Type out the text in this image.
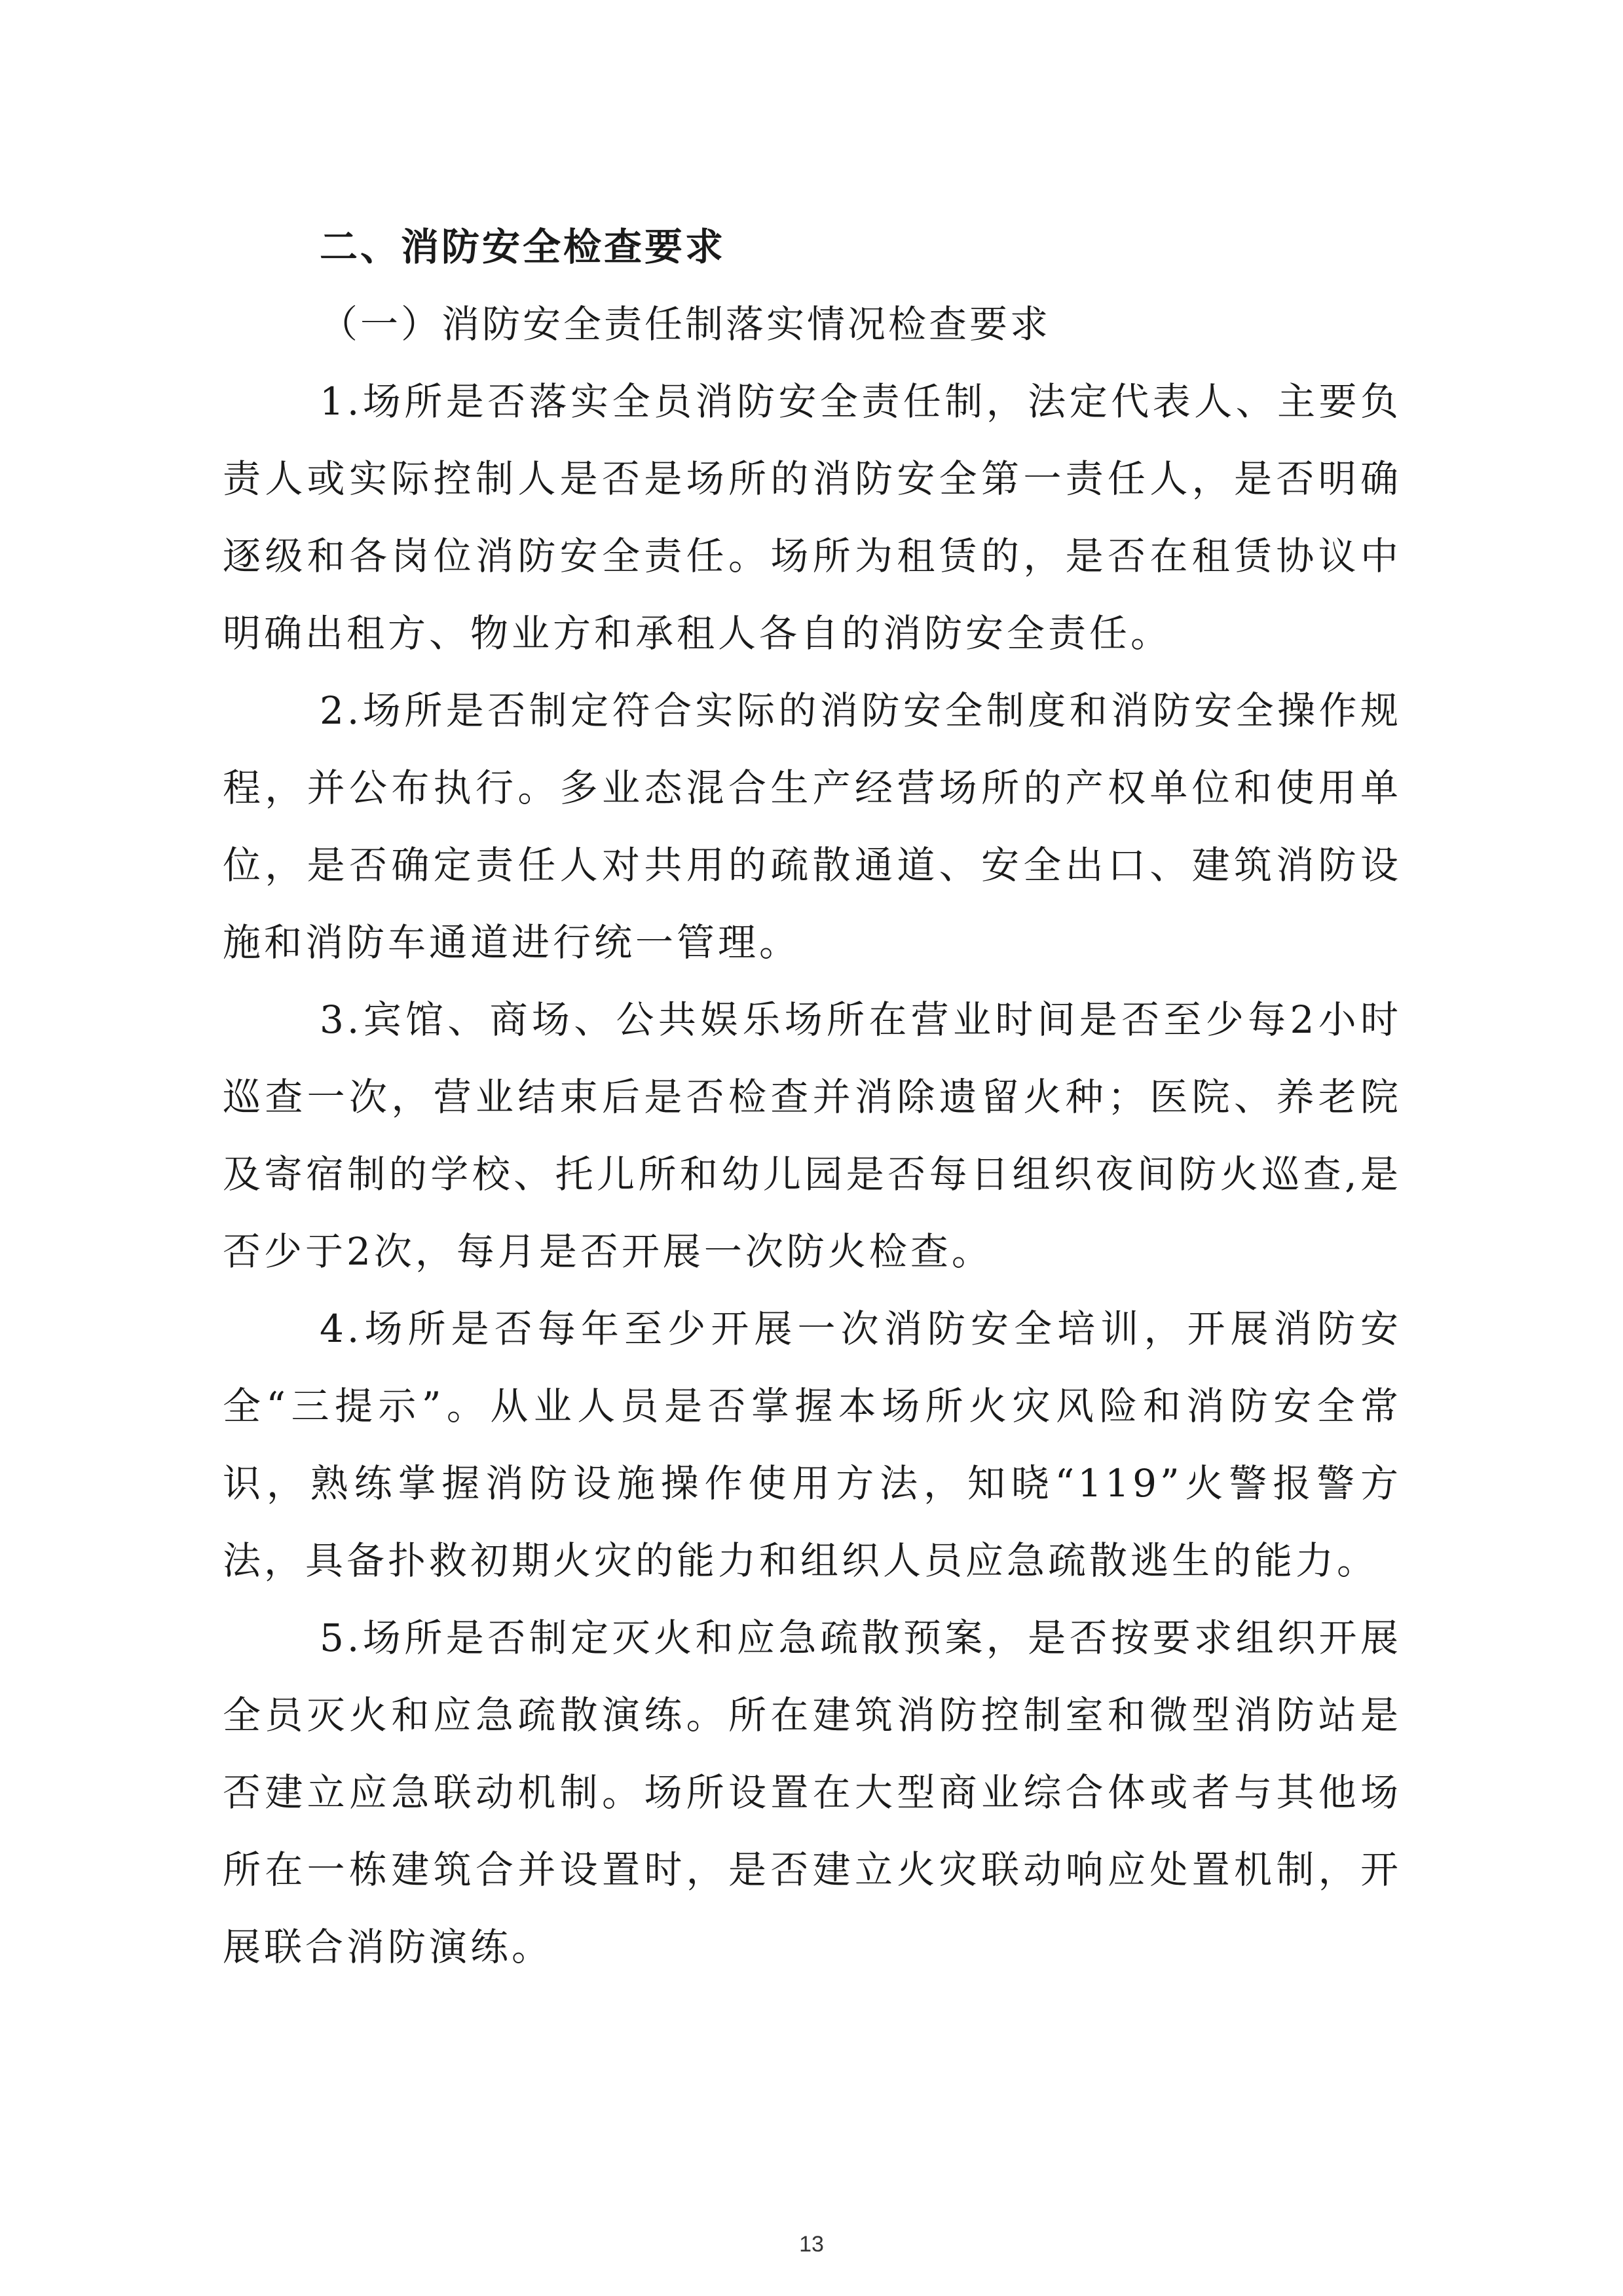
二、消防安全检查要求

（一）消防安全责任制落实情况检查要求

1.场所是否落实全员消防安全责任制，法定代表人、主要负责人或实际控制人是否是场所的消防安全第一责任人，是否明确逐级和各岗位消防安全责任。场所为租赁的，是否在租赁协议中明确出租方、物业方和承租人各自的消防安全责任。

2.场所是否制定符合实际的消防安全制度和消防安全操作规程，并公布执行。多业态混合生产经营场所的产权单位和使用单位，是否确定责任人对共用的疏散通道、安全出口、建筑消防设施和消防车通道进行统一管理。

3.宾馆、商场、公共娱乐场所在营业时间是否至少每2小时巡查一次，营业结束后是否检查并消除遗留火种；医院、养老院及寄宿制的学校、托儿所和幼儿园是否每日组织夜间防火巡查,是否少于2次，每月是否开展一次防火检查。

4.场所是否每年至少开展一次消防安全培训，开展消防安全“三提示”。从业人员是否掌握本场所火灾风险和消防安全常识，熟练掌握消防设施操作使用方法，知晓“119”火警报警方法，具备扑救初期火灾的能力和组织人员应急疏散逃生的能力。

5.场所是否制定灭火和应急疏散预案，是否按要求组织开展全员灭火和应急疏散演练。所在建筑消防控制室和微型消防站是否建立应急联动机制。场所设置在大型商业综合体或者与其他场 所在一栋建筑合并设置时，是否建立火灾联动响应处置机制，开展联合消防演练。

13
